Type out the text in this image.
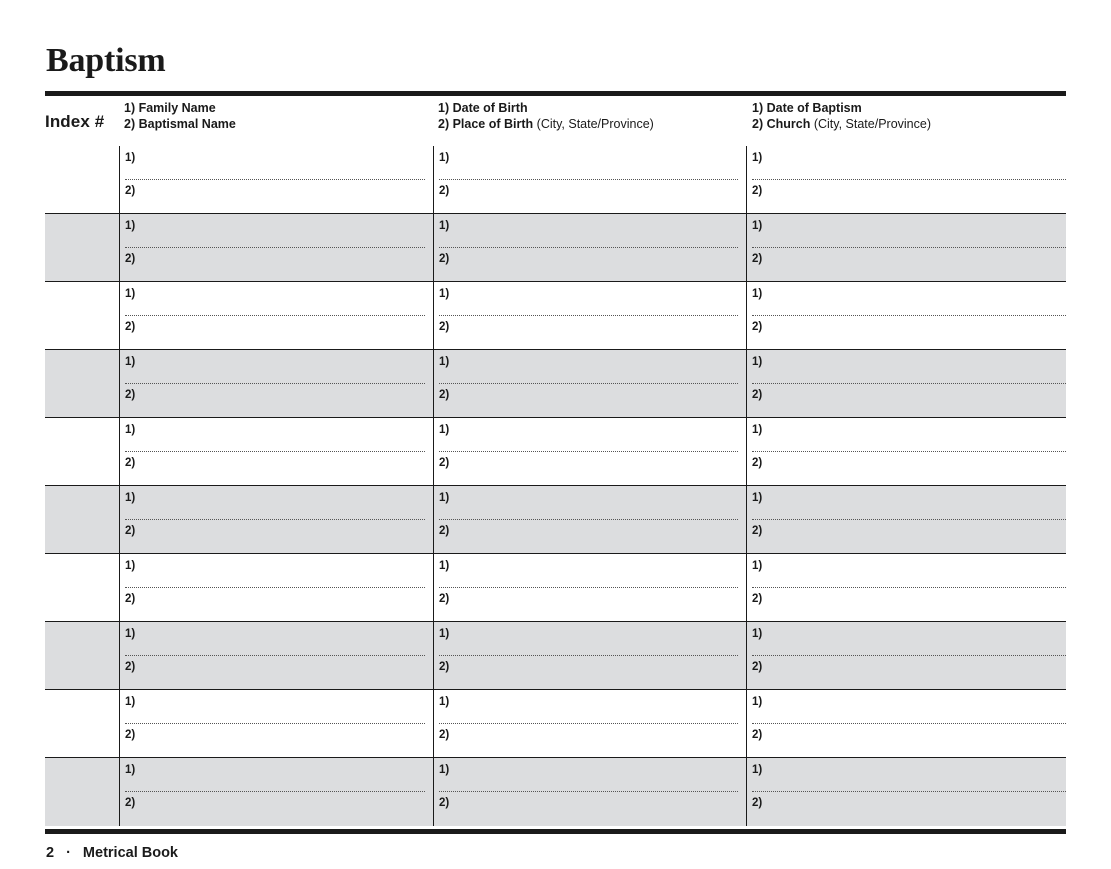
Baptism
Index #
1) Family Name
2) Baptismal Name
1) Date of Birth
2) Place of Birth (City, State/Province)
1) Date of Baptism
2) Church (City, State/Province)
1)
2)
1)
2)
1)
2)
1)
2)
1)
2)
1)
2)
1)
2)
1)
2)
1)
2)
1)
2)
1)
2)
1)
2)
1)
2)
1)
2)
1)
2)
1)
2)
1)
2)
1)
2)
1)
2)
1)
2)
1)
2)
1)
2)
1)
2)
1)
2)
1)
2)
1)
2)
1)
2)
1)
2)
1)
2)
1)
2)
2 · Metrical Book
